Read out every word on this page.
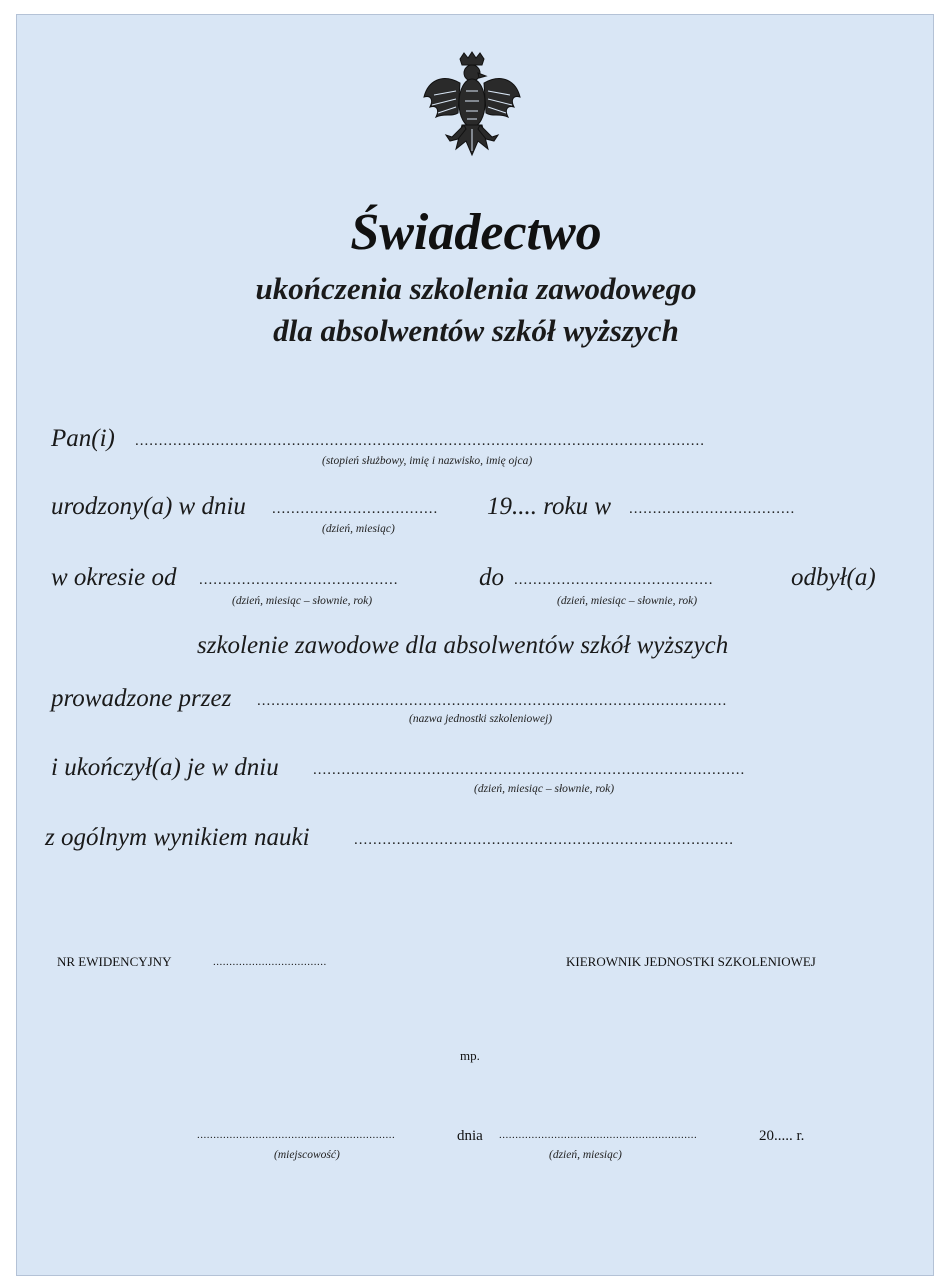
Świadectwo
ukończenia szkolenia zawodowego
dla absolwentów szkół wyższych
Pan(i) ........................................................................................................................
(stopień służbowy, imię i nazwisko, imię ojca)
urodzony(a) w dniu ................................... 19.... roku w ...................................
(dzień, miesiąc)
w okresie od ..........................................	do ..........................................	odbył(a)
(dzień, miesiąc – słownie, rok)	(dzień, miesiąc – słownie, rok)
szkolenie zawodowe dla absolwentów szkół wyższych
prowadzone przez ...................................................................................................
(nazwa jednostki szkoleniowej)
i ukończył(a) je w dniu ...........................................................................................
(dzień, miesiąc – słownie, rok)
z ogólnym wynikiem nauki	................................................................................
NR EWIDENCYJNY	...................................	KIEROWNIK JEDNOSTKI SZKOLENIOWEJ
mp.
.............................................................	dnia .............................................................	20..... r.
(miejscowość)	(dzień, miesiąc)
